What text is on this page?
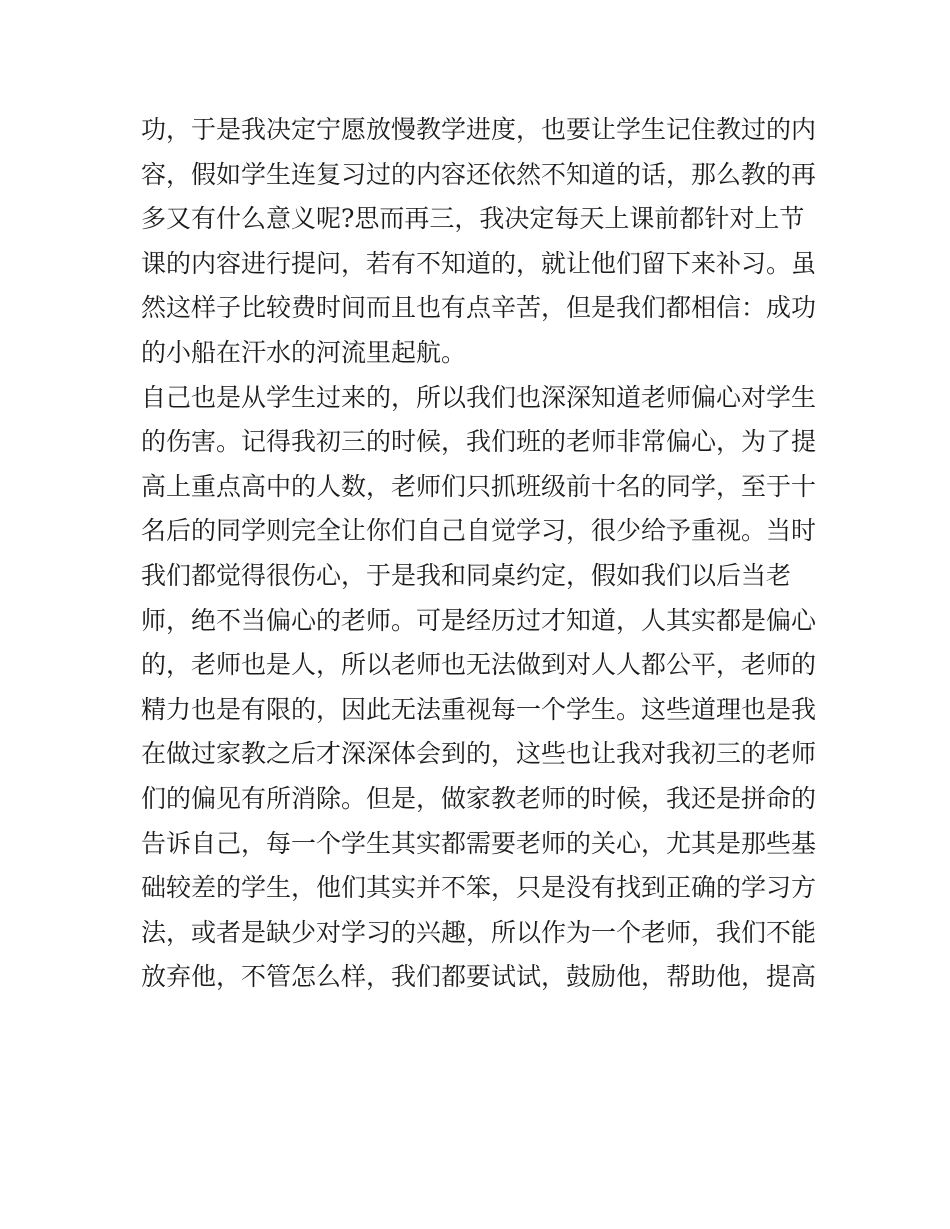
功，于是我决定宁愿放慢教学进度，也要让学生记住教过的内
容，假如学生连复习过的内容还依然不知道的话，那么教的再
多又有什么意义呢?思而再三，我决定每天上课前都针对上节
课的内容进行提问，若有不知道的，就让他们留下来补习。虽
然这样子比较费时间而且也有点辛苦，但是我们都相信：成功
的小船在汗水的河流里起航。
自己也是从学生过来的，所以我们也深深知道老师偏心对学生
的伤害。记得我初三的时候，我们班的老师非常偏心，为了提
高上重点高中的人数，老师们只抓班级前十名的同学，至于十
名后的同学则完全让你们自己自觉学习，很少给予重视。当时
我们都觉得很伤心，于是我和同桌约定，假如我们以后当老
师，绝不当偏心的老师。可是经历过才知道，人其实都是偏心
的，老师也是人，所以老师也无法做到对人人都公平，老师的
精力也是有限的，因此无法重视每一个学生。这些道理也是我
在做过家教之后才深深体会到的，这些也让我对我初三的老师
们的偏见有所消除。但是，做家教老师的时候，我还是拼命的
告诉自己，每一个学生其实都需要老师的关心，尤其是那些基
础较差的学生，他们其实并不笨，只是没有找到正确的学习方
法，或者是缺少对学习的兴趣，所以作为一个老师，我们不能
放弃他，不管怎么样，我们都要试试，鼓励他，帮助他，提高
